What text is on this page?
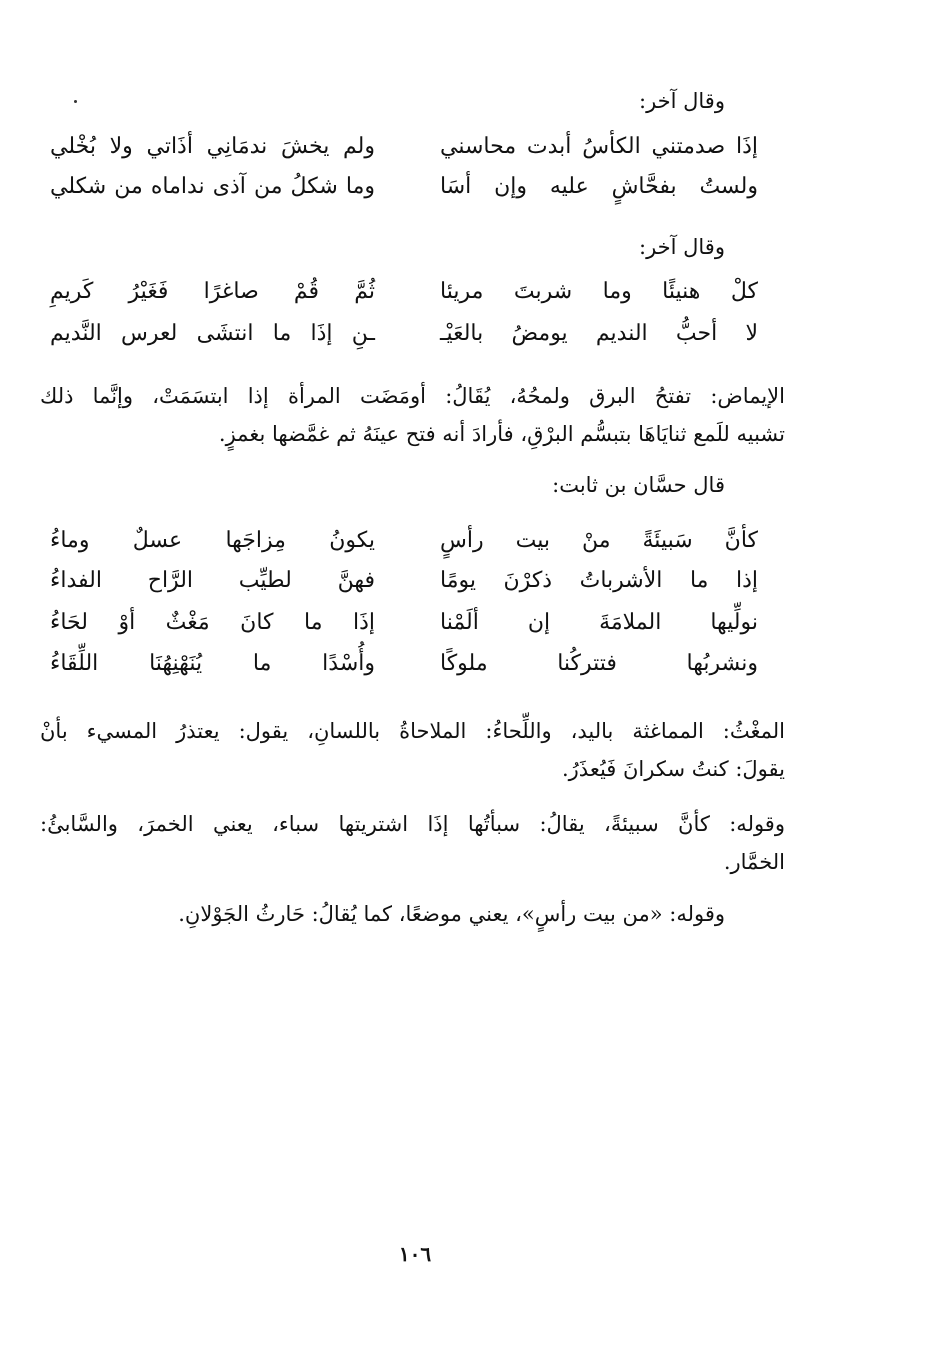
وقال آخر:
إذَا صدمتني الكأسُ أبدت محاسني
ولم يخشَ ندمَانِي أذَاتي ولا بُخْلي
ولستُ بفحَّاشٍ عليه وإن أسَا
وما شكلُ من آذى نداماه من شكلي
وقال آخر:
كلْ هنيئًا وما شربتَ مريئا
ثُمَّ قُمْ صاغرًا فَغَيْرُ كَريمِ
لا أحبُّ النديم يومضُ بالعَيْـ
ـنِ إذَا ما انتشَى لعرس النَّديم
الإيماض: تفتحُ البرق ولمحُهُ، يُقَالُ: أومَضَت المرأة إذا ابتسَمَتْ، وإنَّما ذلك
تشبيه للَمع ثنايَاهَا بتبسُّم البرْقِ، فأرادَ أنه فتح عينَهُ ثم غمَّضها بغمزٍ.
قال حسَّان بن ثابت:
كأنَّ سَبيئَةً منْ بيت رأسٍ
يكونُ مِزاجَها عسلٌ وماءُ
إذا ما الأشرباتُ ذكرْنَ يومًا
فهنَّ لطيِّب الرَّاح الفداءُ
نولِّيها الملامَةَ إن ألَمْنا
إذَا ما كانَ مَغْثٌ أوْ لحَاءُ
ونشربُها فتتركُنا ملوكًا
وأُسْدًا ما يُنَهْنِهُنَا اللِّقَاءُ
المغْثُ: المماغثة باليد، واللِّحاءُ: الملاحاةُ باللسانِ، يقول: يعتذرُ المسيء بأنْ
يقولَ: كنتُ سكرانَ فَيُعذَرُ.
وقوله: كأنَّ سبيئةً، يقالُ: سبأتُها إذَا اشتريتها سباء، يعني الخمرَ، والسَّابئُ:
الخمَّار.
وقوله: «من بيت رأسٍ»، يعني موضعًا، كما يُقالُ: حَارثُ الجَوْلانِ.
١٠٦
